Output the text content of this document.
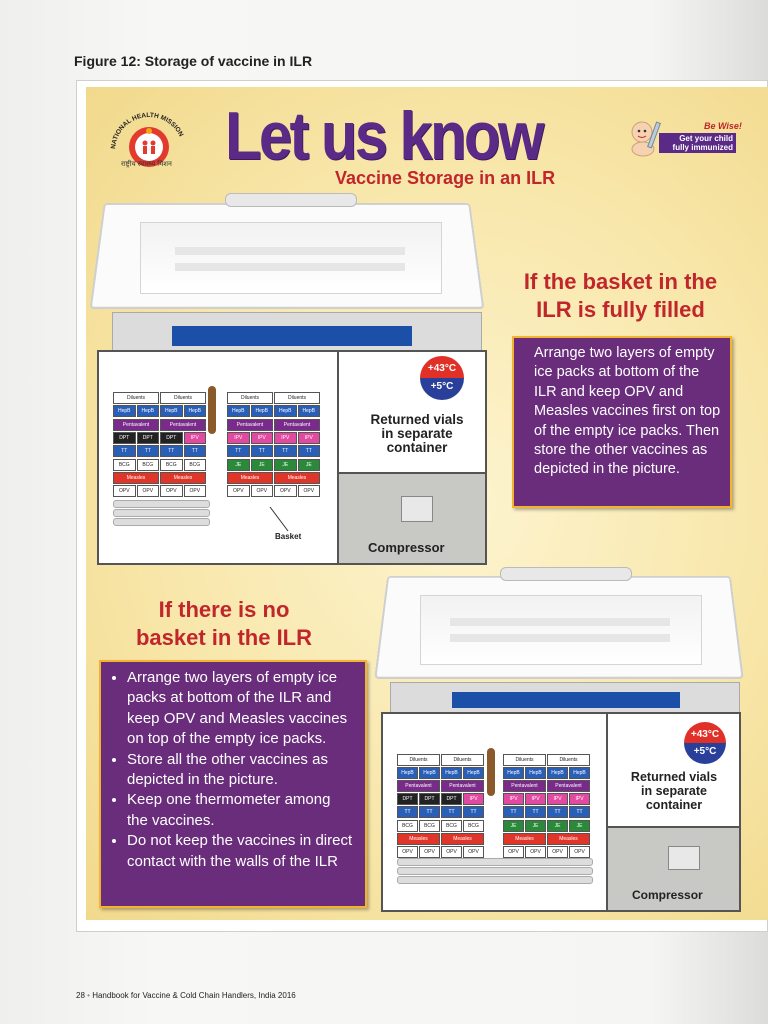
Figure 12: Storage of vaccine in ILR
NATIONAL HEALTH MISSION
राष्ट्रीय स्वास्थ्य मिशन Let us know
Vaccine Storage in an ILR
Be Wise!
Get your child
fully immunized
Compressor
+43°C
+5°C
Returned vials
in separate
container
Diluents	Diluents	Diluents	Diluents
HepB	HepB	HepB	HepB	HepB	HepB	HepB	HepB
Pentavalent	Pentavalent	Pentavalent	Pentavalent
DPT	DPT	DPT	IPV	IPV	IPV	IPV	IPV
TT	TT	TT	TT	TT	TT	TT	TT
BCG	BCG	BCG	BCG	JE	JE	JE	JE
Measles	Measles	Measles	Measles
OPV	OPV	OPV	OPV	OPV	OPV	OPV	OPV
Basket
If the basket in the
ILR is fully filled
Arrange two layers of empty ice packs at bottom of the ILR and keep OPV and Measles vaccines first on top of the empty ice packs. Then store the other vaccines as depicted in the picture.
Compressor
+43°C
+5°C
Returned vials
in separate
container
Diluents	Diluents	Diluents	Diluents
HepB	HepB	HepB	HepB	HepB	HepB	HepB	HepB
Pentavalent	Pentavalent	Pentavalent	Pentavalent
DPT	DPT	DPT	IPV	IPV	IPV	IPV	IPV
TT	TT	TT	TT	TT	TT	TT	TT
BCG	BCG	BCG	BCG	JE	JE	JE	JE
Measles	Measles	Measles	Measles
OPV	OPV	OPV	OPV	OPV	OPV	OPV	OPV
If there is no
basket in the ILR
• Arrange two layers of empty ice packs at bottom of the ILR and keep OPV and Measles vaccines on top of the empty ice packs.
• Store all the other vaccines as depicted in the picture.
• Keep one thermometer among the vaccines.
• Do not keep the vaccines in direct contact with the walls of the ILR
28 • Handbook for Vaccine & Cold Chain Handlers, India 2016
